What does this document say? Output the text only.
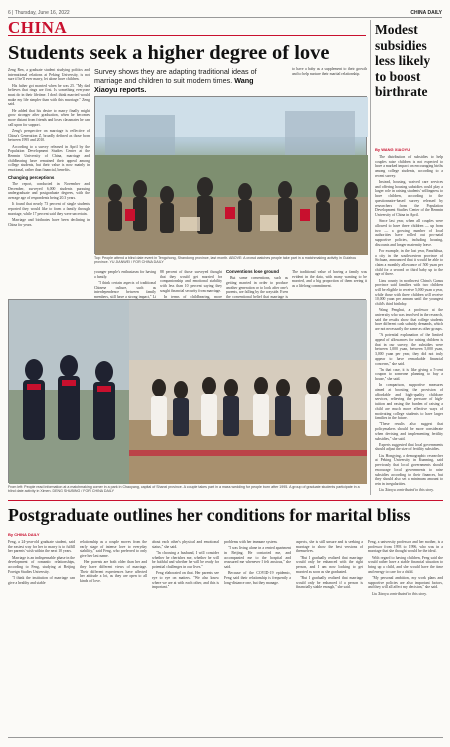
6 | Thursday, June 16, 2022	CHINA DAILY
CHINA
Students seek a higher degree of love

Zeng Ren, a graduate student studying politics and international relations at Peking University, is not sure if he'll ever marry, let alone have children.

His father got married when he was 25. "My dad believes that rings are first. Is something everyone must do in their lifetime. I don't think married would make my life simpler than with this marriage." Zeng said.

He added that his desire to marry finally might grow stronger after graduation, when he becomes more distant from friends and loses classmates he can call upon for support.

Zeng's perspective on marriage is reflective of China's Generation Z, broadly defined as those born between 1995 and 2010.

According to a survey released in April by the Population Development Studies Center at the Renmin University of China, marriage and childbearing have remained their appeal among college students, but their value is now mainly in emotional, rather than financial, benefits.

Changing perceptions

The report, conducted in November and December, surveyed 6,000 students pursuing undergraduate and postgraduate degrees, with the average age of respondents being 20.3 years.

It found that nearly 73 percent of single students reported they would like to form a family through marriage, while 17 percent said they were uncertain.

Marriage and birthrates have been declining in China for years.

Survey shows they are adapting traditional ideas of marriage and children to suit modern times. Wang Xiaoyu reports.
Top: People attend a blind date event in Tengchong, Shandong province, last month. ABOVE: A crowd watches people take part in a matchmaking activity in Guizhou province. YU JIANWEI / FOR CHINA DAILY

younger people's enthusiasm for having a family.

"I think certain aspects of traditional Chinese culture, such as interdependence between family members, still have a strong impact," Li

88 percent of those surveyed thought that they would get married for companionship and emotional stability with less than 10 percent saying they sought financial security from marriage.

In terms of childbearing, more

Conventions lose ground

But some conventions, such as getting married in order to produce another generation or to look after one's parents, are falling by the wayside. Even the conventional belief that marriage is

to have a baby as a supplement to their growth and to help nurture their marital relationship.

The traditional value of having a family was evident in the data, with many wanting to be married, and a big proportion of them seeing it as a lifelong commitment.

From left: People read information at a matchmaking corner in a park in Chaoyang, capital of Shanxi province. A couple takes part in a mass wedding for people born after 1995. A group of graduate students participate in a blind date activity in Ximen. DENG SHUBING / FOR CHINA DAILY
Modest subsidies less likely to boost birthrate
By WANG XIAOYU

The distribution of subsidies to help couples raise children is not expected to have a marked impact on encouraging births among college students, according to a recent survey.

Instead, housing, waived care services and offering housing subsidies could play a larger role in raising students' willingness to have children, according to the questionnaire-based survey released by researchers from the Population Development Studies Center of the Renmin University of China in April.

Since last year, when all couples were allowed to have three children — up from two — a growing number of local authorities have rolled out pro-natal supportive policies, including housing, discounts and longer maternity leave.

For example, in the last year, Panzhihua, a city in the southwestern province of Sichuan, announced that it would be able to claim a monthly allowance of 500 yuan per child for a second or third baby up to the age of three.

Linu county in northwest China's Gansu province said families with two children will be eligible to receive 5,000 yuan a year, while those with three children will receive 10,000 yuan per annum until the youngest child's third birthday.

Wang Penghui, a professor at the university who was involved in the research, said the results show that college students have different cash subsidy demands, which are not necessarily the same as other groups.

"A potential explanation of the limited appeal of allowances for raising children is that in our survey, the subsidies were between 1,000 yuan, between 5,000 yuan, 3,000 yuan per year, they did not truly appear to have remarkable financial concerns," she said.

"In that case, it is like giving a 5-cent coupon to someone planning to buy a house," she said.

In comparison, supportive measures aimed at boosting the provision of affordable and high-quality childcare services, relieving the pressure of high-tuition and easing the burden of raising a child are much more effective ways of motivating college students to have larger families in the future.

"These results also suggest that policymakers should be more considerate when devising and implementing fertility subsidies," she said.

Experts suggested that local governments should adjust the size of fertility subsidies.

Liu Hongying, a demographic researcher at Peking University in Kunming, said previously that local governments should encourage local governments to raise subsidies according to their finances, but they should also set a minimum amount to rein in irregularities.

Liu Xiaoyu contributed to this story.

Postgraduate outlines her conditions for marital bliss
By CHINA DAILY

Feng, a 24-year-old graduate student, said the easiest way for her to marry is to fulfill her parents' wish within the next 10 years.

Marriage is an indispensable phase in the development of romantic relationships, according to Feng, studying at Beijing Foreign Studies University.

"I think the institution of marriage can give a healthy and stable

relationship as a couple moves from the early stage of intense love to everyday stability," said Feng, who preferred to only give her last name.

Her parents are both older than her and they have different views of marriage. Their different experiences have affected her attitude a lot, as they are open to all kinds of love.

about each other's physical and emotional status," she said.

"In choosing a husband, I will consider whether he cherishes me, whether he will be faithful and whether he will be ready for potential challenges in our lives."

Feng elaborated on that. Her parents see eye to eye on matters. "We also know where we are at with each other, and this is important."

problems with her immune system.

"I was living alone in a rented apartment in Beijing. He contacted me, and accompanied me to the hospital and reassured me whenever I felt anxious," she said.

Because of the COVID-19 epidemic, Feng said their relationship is frequently a long-distance one, but they manage.

aspects, she is still unsure and is seeking a marriage to show the best versions of themselves.

"But I gradually realized that marriage would only be enhanced with the right person, and I am now looking to get married as soon as she graduated.

"But I gradually realized that marriage would only be enhanced if a person is financially stable enough," she said.

Feng, a university professor and her mother, is a professor from 1993 to 1996, who was in a marriage that she thought would be the ideal.

With regard to having children, Feng said she would rather have a stable financial situation to bring up a child, and she would have the time and energy to care for a child.

"My personal ambition, my work plans and supportive policies are also important factors, and they will all affect my decision," she said.

Liu Xiaoyu contributed to this story.
